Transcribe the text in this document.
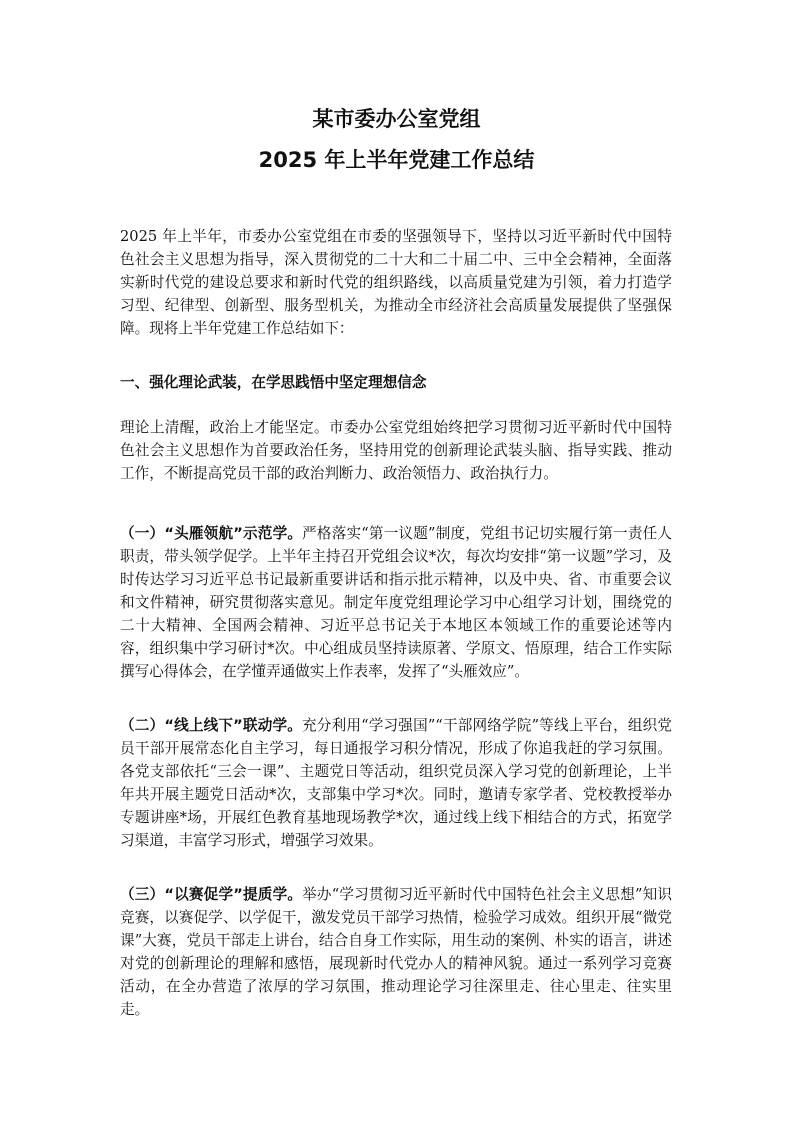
某市委办公室党组
2025 年上半年党建工作总结

2025 年上半年，市委办公室党组在市委的坚强领导下，坚持以习近平新时代中国特色社会主义思想为指导，深入贯彻党的二十大和二十届二中、三中全会精神，全面落实新时代党的建设总要求和新时代党的组织路线，以高质量党建为引领，着力打造学习型、纪律型、创新型、服务型机关，为推动全市经济社会高质量发展提供了坚强保障。现将上半年党建工作总结如下：

一、强化理论武装，在学思践悟中坚定理想信念

理论上清醒，政治上才能坚定。市委办公室党组始终把学习贯彻习近平新时代中国特色社会主义思想作为首要政治任务，坚持用党的创新理论武装头脑、指导实践、推动工作，不断提高党员干部的政治判断力、政治领悟力、政治执行力。

（一）“头雁领航”示范学。严格落实“第一议题”制度，党组书记切实履行第一责任人职责，带头领学促学。上半年主持召开党组会议*次，每次均安排“第一议题”学习，及时传达学习习近平总书记最新重要讲话和指示批示精神，以及中央、省、市重要会议和文件精神，研究贯彻落实意见。制定年度党组理论学习中心组学习计划，围绕党的二十大精神、全国两会精神、习近平总书记关于本地区本领域工作的重要论述等内容，组织集中学习研讨*次。中心组成员坚持读原著、学原文、悟原理，结合工作实际撰写心得体会，在学懂弄通做实上作表率，发挥了“头雁效应”。

（二）“线上线下”联动学。充分利用“学习强国”“干部网络学院”等线上平台，组织党员干部开展常态化自主学习，每日通报学习积分情况，形成了你追我赶的学习氛围。各党支部依托“三会一课”、主题党日等活动，组织党员深入学习党的创新理论，上半年共开展主题党日活动*次，支部集中学习*次。同时，邀请专家学者、党校教授举办专题讲座*场，开展红色教育基地现场教学*次，通过线上线下相结合的方式，拓宽学习渠道，丰富学习形式，增强学习效果。

（三）“以赛促学”提质学。举办“学习贯彻习近平新时代中国特色社会主义思想”知识竞赛，以赛促学、以学促干，激发党员干部学习热情，检验学习成效。组织开展“微党课”大赛，党员干部走上讲台，结合自身工作实际，用生动的案例、朴实的语言，讲述对党的创新理论的理解和感悟，展现新时代党办人的精神风貌。通过一系列学习竞赛活动，在全办营造了浓厚的学习氛围，推动理论学习往深里走、往心里走、往实里走。
